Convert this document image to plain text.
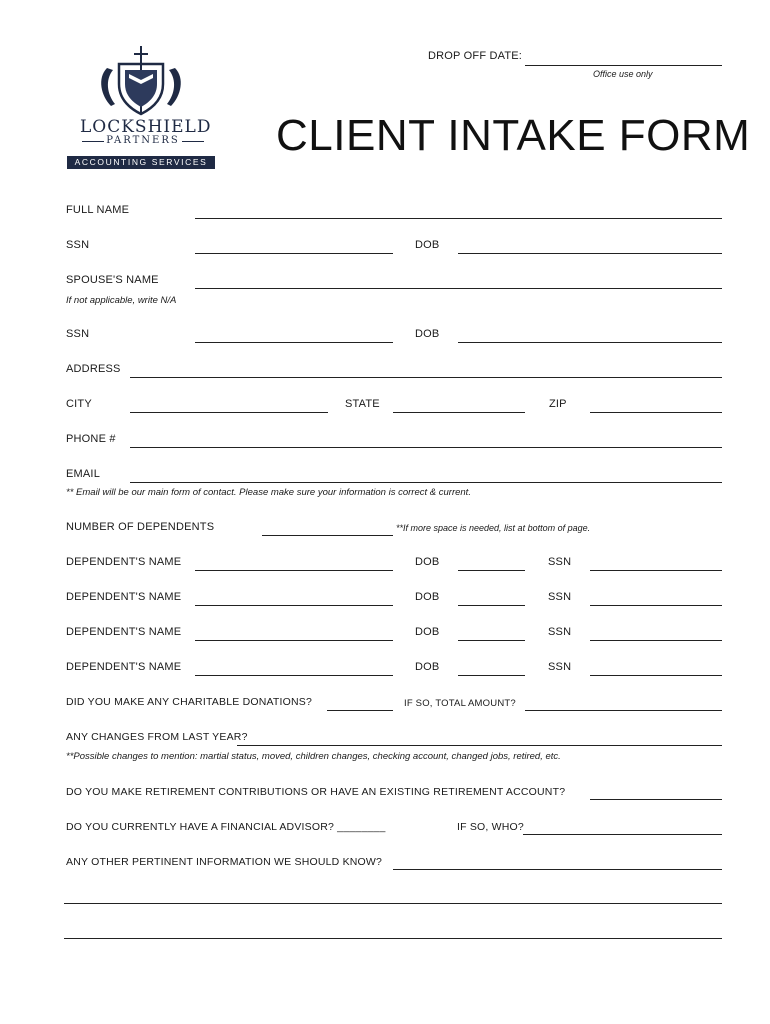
LOCKSHIELD
PARTNERS
ACCOUNTING SERVICES
DROP OFF DATE:
Office use only
CLIENT INTAKE FORM
FULL NAME
SSN	DOB
SPOUSE'S NAME
If not applicable, write N/A
SSN	DOB
ADDRESS
CITY	STATE	ZIP
PHONE #
EMAIL
** Email will be our main form of contact. Please make sure your information is correct & current.
NUMBER OF DEPENDENTS	**If more space is needed, list at bottom of page.
DEPENDENT'S NAME	DOB	SSN
DEPENDENT'S NAME	DOB	SSN
DEPENDENT'S NAME	DOB	SSN
DEPENDENT'S NAME	DOB	SSN
DID YOU MAKE ANY CHARITABLE DONATIONS?	IF SO, TOTAL AMOUNT?
ANY CHANGES FROM LAST YEAR?
**Possible changes to mention: martial status, moved, children changes, checking account, changed jobs, retired, etc.
DO YOU MAKE RETIREMENT CONTRIBUTIONS OR HAVE AN EXISTING RETIREMENT ACCOUNT?
DO YOU CURRENTLY HAVE A FINANCIAL ADVISOR? ________	IF SO, WHO?
ANY OTHER PERTINENT INFORMATION WE SHOULD KNOW?
